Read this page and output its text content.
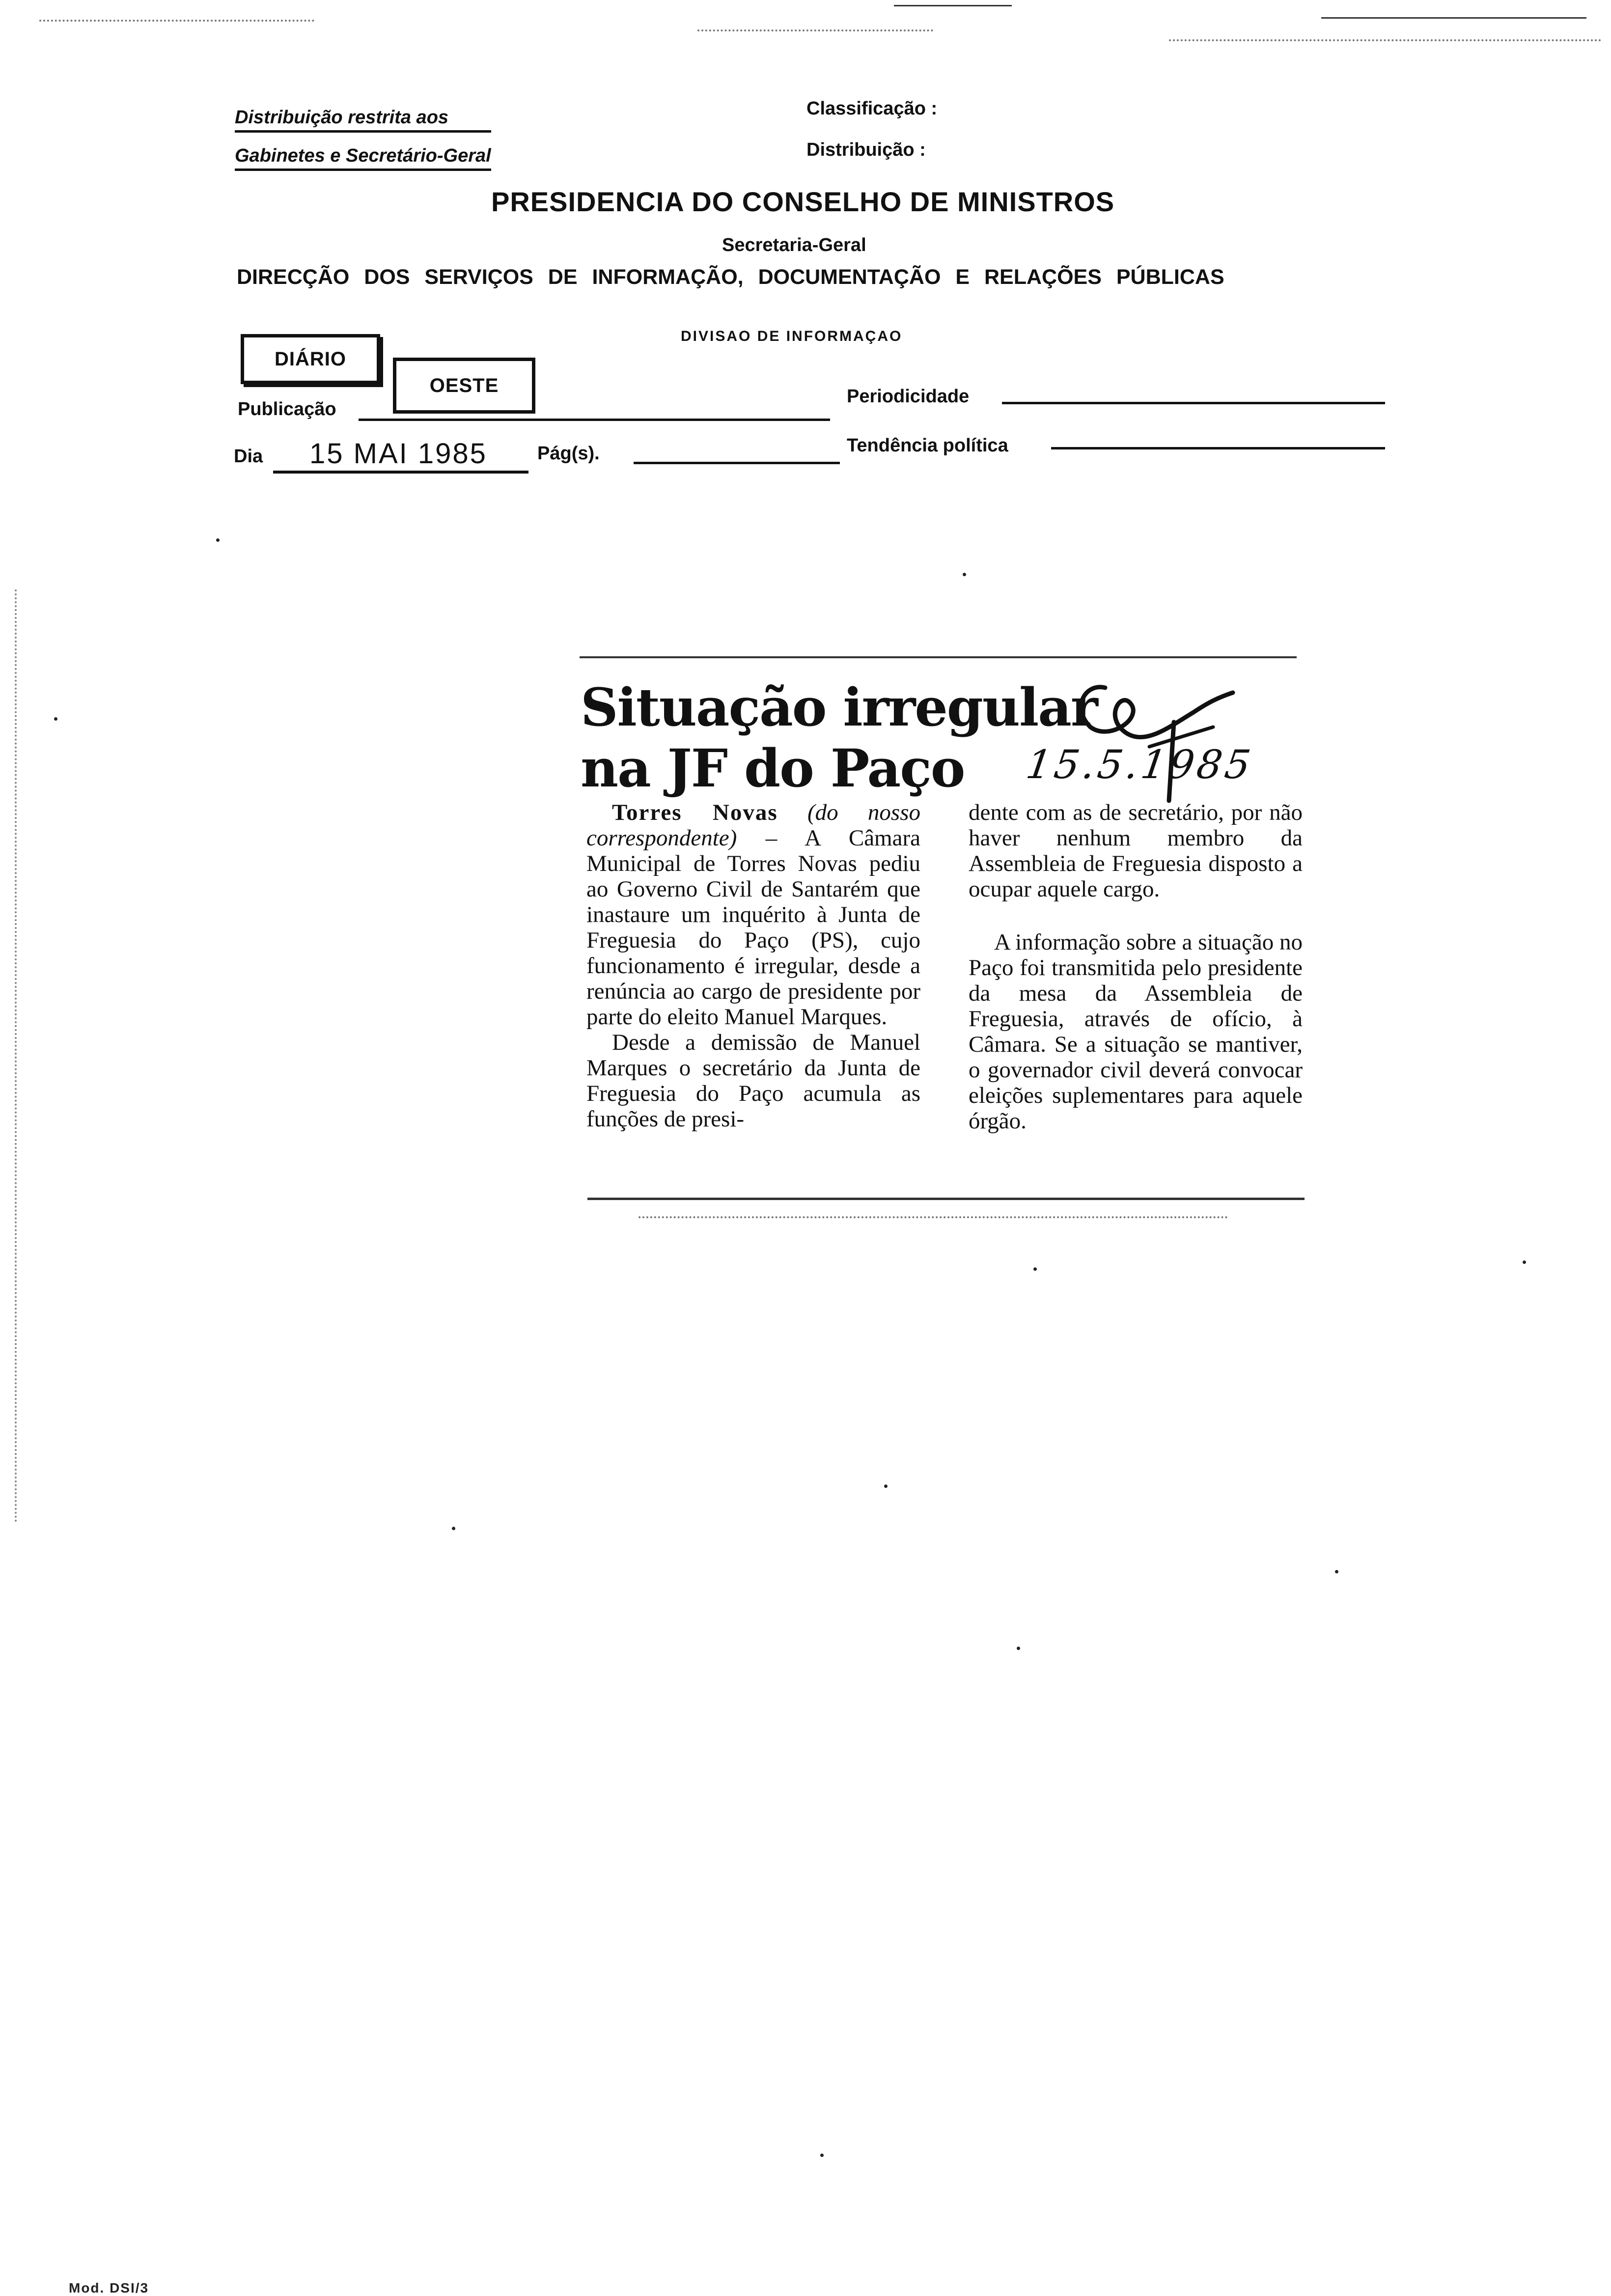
Distribuição restrita aos
Gabinetes e Secretário-Geral
Classificação :
Distribuição :
PRESIDENCIA DO CONSELHO DE MINISTROS
Secretaria-Geral
DIRECÇÃO DOS SERVIÇOS DE INFORMAÇÃO, DOCUMENTAÇÃO E RELAÇÕES PÚBLICAS
DIVISAO DE INFORMAÇAO
DIÁRIO
OESTE
Publicação
Periodicidade
Dia 15 MAI 1985	Pág(s).	Tendência política
Situação irregular
na JF do Paço 15.5.1985

Torres Novas (do nosso correspondente) – A Câmara Municipal de Torres Novas pediu ao Governo Civil de Santarém que inastaure um inquérito à Junta de Freguesia do Paço (PS), cujo funcionamento é irregular, desde a renúncia ao cargo de presidente por parte do eleito Manuel Marques.

Desde a demissão de Manuel Marques o secretário da Junta de Freguesia do Paço acumula as funções de presi-

dente com as de secretário, por não haver nenhum membro da Assembleia de Freguesia disposto a ocupar aquele cargo.

A informação sobre a situação no Paço foi transmitida pelo presidente da mesa da Assembleia de Freguesia, através de ofício, à Câmara. Se a situação se mantiver, o governador civil deverá convocar eleições suplementares para aquele órgão.

Mod. DSI/3
